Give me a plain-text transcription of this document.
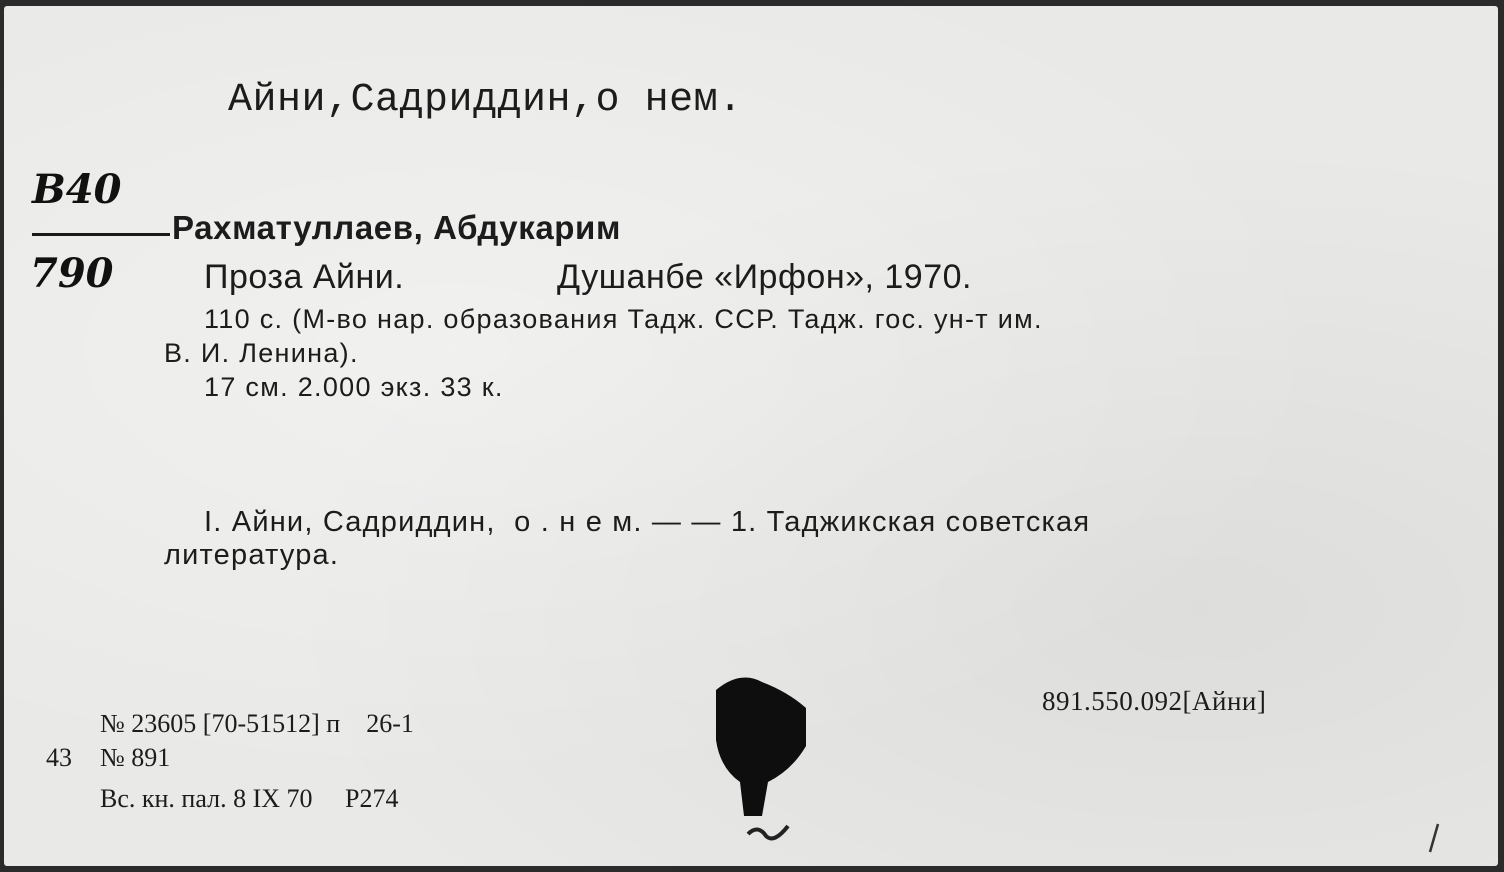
Айни,Садриддин,о нем.
В40
790
Рахматуллаев, Абдукарим
Проза Айни.	Душанбе «Ирфон», 1970.
110 с. (М-во нар. образования Тадж. ССР. Тадж. гос. ун-т им.
В. И. Ленина).
17 см. 2.000 экз. 33 к.
I. Айни, Садриддин,  о . н е м. — — 1. Таджикская советская
литература.
№ 23605 [70-51512] п    26-1
43 № 891
Вс. кн. пал. 8 IX 70     Р274
891.550.092[Айни]
